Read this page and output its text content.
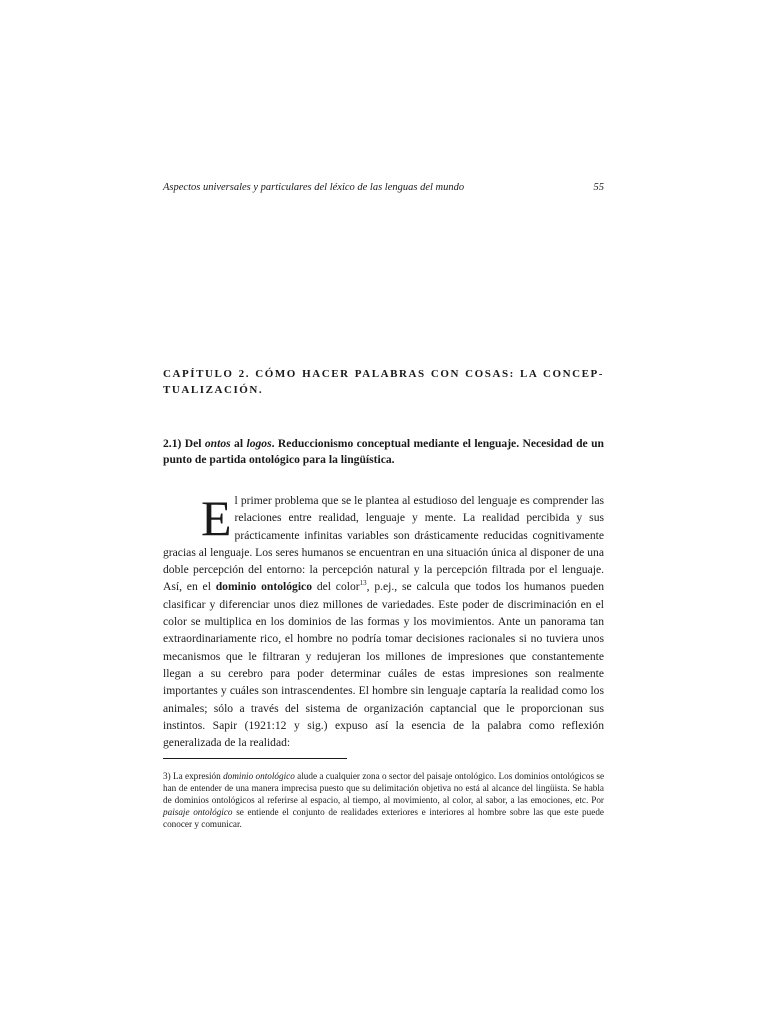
Aspectos universales y particulares del léxico de las lenguas del mundo	55
CAPÍTULO 2. CÓMO HACER PALABRAS CON COSAS: LA CONCEP-TUALIZACIÓN.
2.1) Del ontos al logos. Reduccionismo conceptual mediante el lenguaje. Necesidad de un punto de partida ontológico para la lingüística.
El primer problema que se le plantea al estudioso del lenguaje es comprender las relaciones entre realidad, lenguaje y mente. La realidad percibida y sus prácticamente infinitas variables son drásticamente reducidas cognitivamente gracias al lenguaje. Los seres humanos se encuentran en una situación única al disponer de una doble percepción del entorno: la percepción natural y la percepción filtrada por el lenguaje. Así, en el dominio ontológico del color$^{13}$, p.ej., se calcula que todos los humanos pueden clasificar y diferenciar unos diez millones de variedades. Este poder de discriminación en el color se multiplica en los dominios de las formas y los movimientos. Ante un panorama tan extraordinariamente rico, el hombre no podría tomar decisiones racionales si no tuviera unos mecanismos que le filtraran y redujeran los millones de impresiones que constantemente llegan a su cerebro para poder determinar cuáles de estas impresiones son realmente importantes y cuáles son intrascendentes. El hombre sin lenguaje captaría la realidad como los animales; sólo a través del sistema de organización captancial que le proporcionan sus instintos. Sapir (1921:12 y sig.) expuso así la esencia de la palabra como reflexión generalizada de la realidad:
3) La expresión dominio ontológico alude a cualquier zona o sector del paisaje ontológico. Los dominios ontológicos se han de entender de una manera imprecisa puesto que su delimitación objetiva no está al alcance del lingüista. Se habla de dominios ontológicos al referirse al espacio, al tiempo, al movimiento, al color, al sabor, a las emociones, etc. Por paisaje ontológico se entiende el conjunto de realidades exteriores e interiores al hombre sobre las que este puede conocer y comunicar.
